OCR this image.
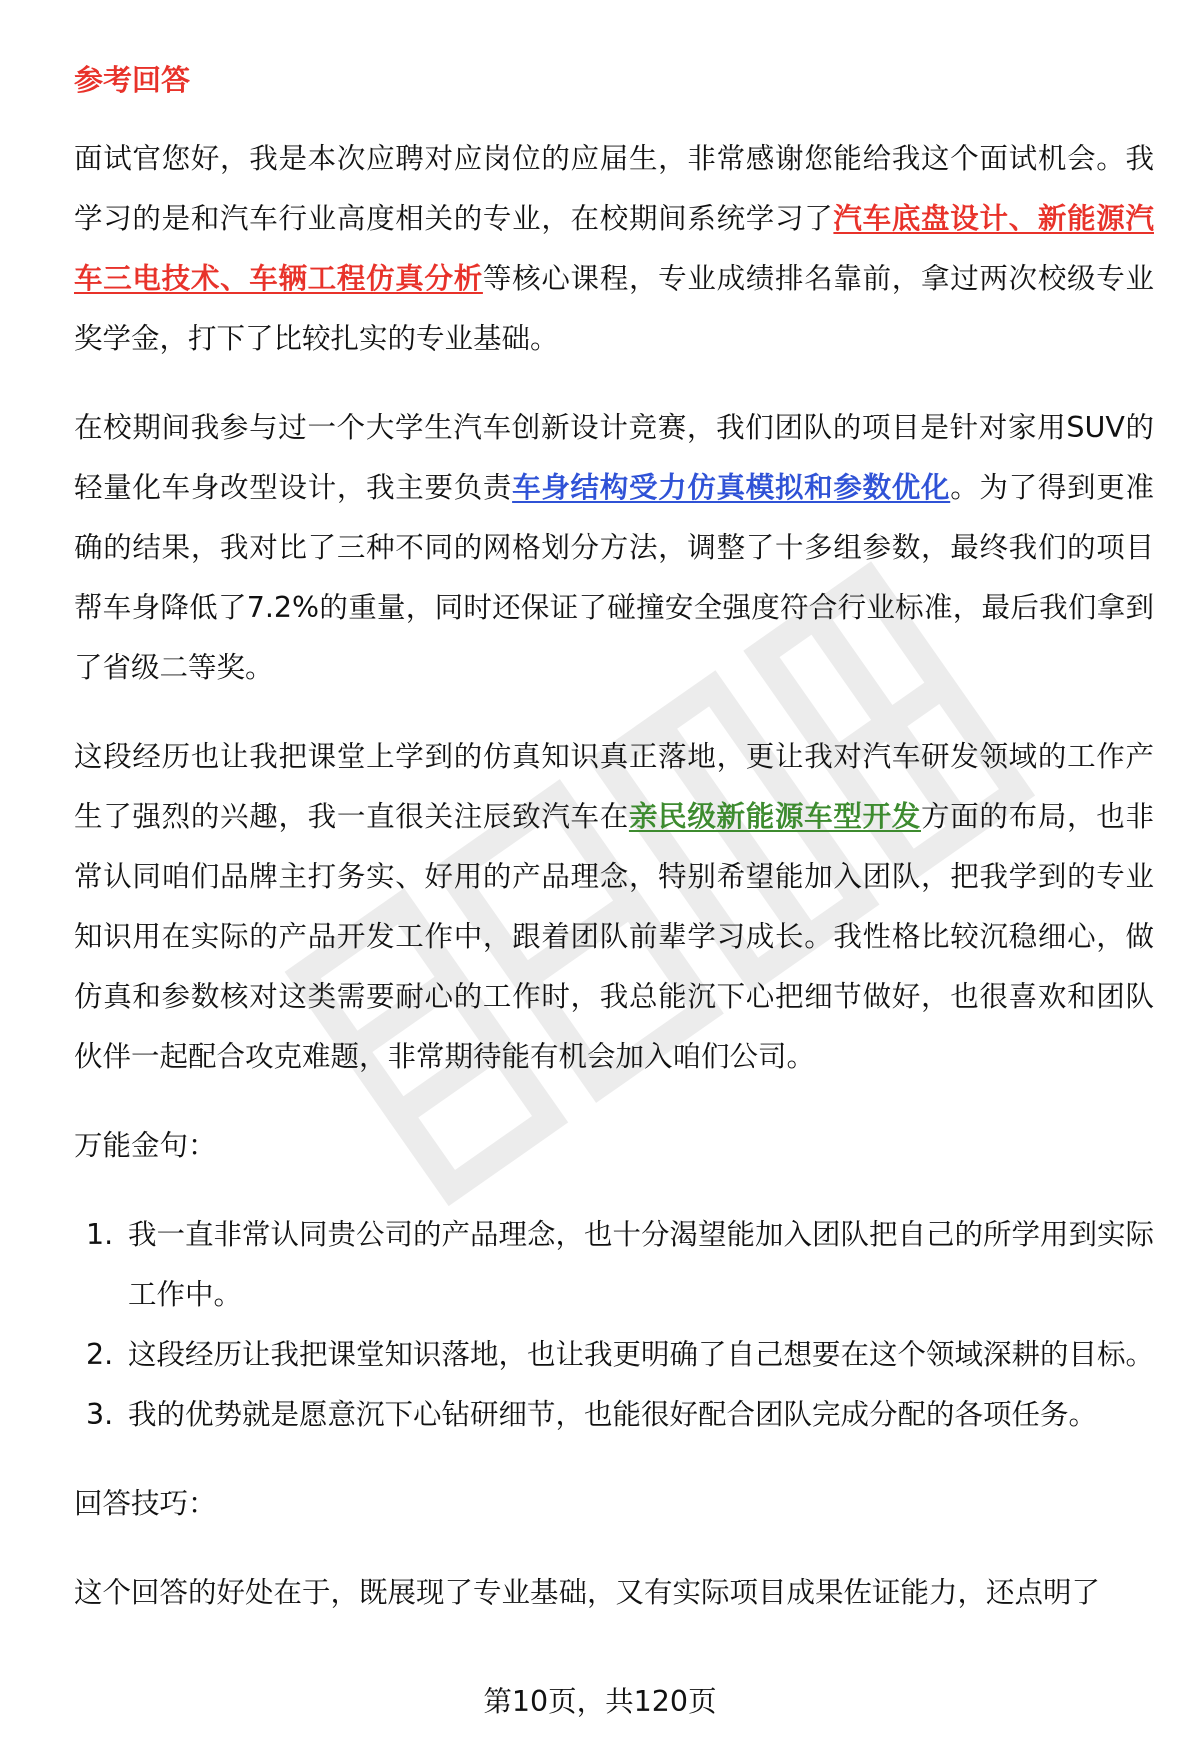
参考回答

面试官您好，我是本次应聘对应岗位的应届生，非常感谢您能给我这个面试机会。我学习的是和汽车行业高度相关的专业，在校期间系统学习了汽车底盘设计、新能源汽车三电技术、车辆工程仿真分析等核心课程，专业成绩排名靠前，拿过两次校级专业奖学金，打下了比较扎实的专业基础。

在校期间我参与过一个大学生汽车创新设计竞赛，我们团队的项目是针对家用SUV的轻量化车身改型设计，我主要负责车身结构受力仿真模拟和参数优化。为了得到更准确的结果，我对比了三种不同的网格划分方法，调整了十多组参数，最终我们的项目帮车身降低了7.2%的重量，同时还保证了碰撞安全强度符合行业标准，最后我们拿到了省级二等奖。

这段经历也让我把课堂上学到的仿真知识真正落地，更让我对汽车研发领域的工作产生了强烈的兴趣，我一直很关注辰致汽车在亲民级新能源车型开发方面的布局，也非常认同咱们品牌主打务实、好用的产品理念，特别希望能加入团队，把我学到的专业知识用在实际的产品开发工作中，跟着团队前辈学习成长。我性格比较沉稳细心，做仿真和参数核对这类需要耐心的工作时，我总能沉下心把细节做好，也很喜欢和团队伙伴一起配合攻克难题，非常期待能有机会加入咱们公司。

万能金句：
1. 我一直非常认同贵公司的产品理念，也十分渴望能加入团队把自己的所学用到实际工作中。
2. 这段经历让我把课堂知识落地，也让我更明确了自己想要在这个领域深耕的目标。
3. 我的优势就是愿意沉下心钻研细节，也能很好配合团队完成分配的各项任务。
回答技巧：

这个回答的好处在于，既展现了专业基础，又有实际项目成果佐证能力，还点明了

第10页，共120页
